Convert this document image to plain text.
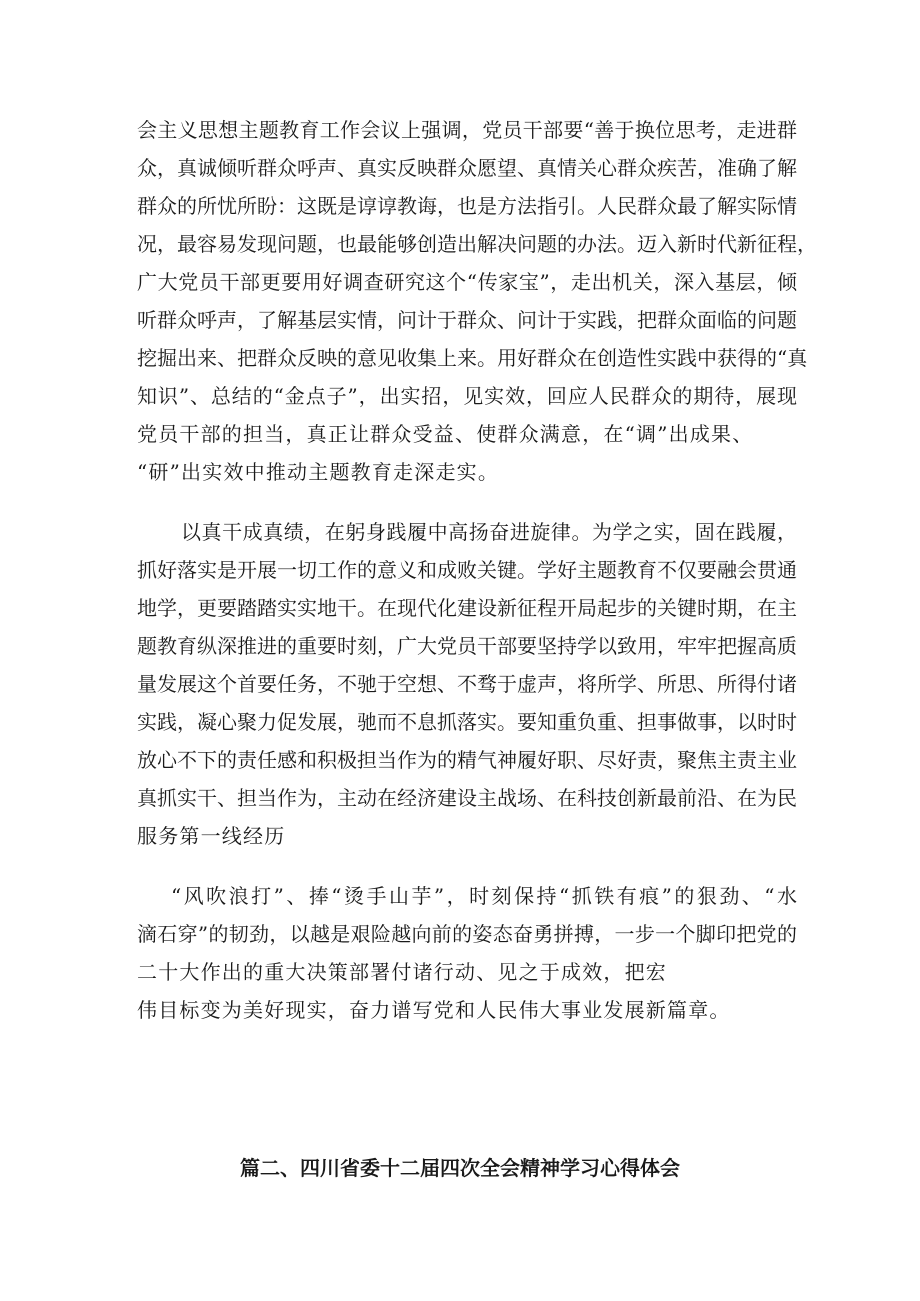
会主义思想主题教育工作会议上强调，党员干部要“善于换位思考，走进群
众，真诚倾听群众呼声、真实反映群众愿望、真情关心群众疾苦，准确了解
群众的所忧所盼：这既是谆谆教诲，也是方法指引。人民群众最了解实际情
况，最容易发现问题，也最能够创造出解决问题的办法。迈入新时代新征程，
广大党员干部更要用好调查研究这个“传家宝”，走出机关，深入基层，倾
听群众呼声，了解基层实情，问计于群众、问计于实践，把群众面临的问题
挖掘出来、把群众反映的意见收集上来。用好群众在创造性实践中获得的“真
知识”、总结的“金点子”，出实招，见实效，回应人民群众的期待，展现
党员干部的担当，真正让群众受益、使群众满意，在“调”出成果、
“研”出实效中推动主题教育走深走实。
以真干成真绩，在躬身践履中高扬奋进旋律。为学之实，固在践履，
抓好落实是开展一切工作的意义和成败关键。学好主题教育不仅要融会贯通
地学，更要踏踏实实地干。在现代化建设新征程开局起步的关键时期，在主
题教育纵深推进的重要时刻，广大党员干部要坚持学以致用，牢牢把握高质
量发展这个首要任务，不驰于空想、不骛于虚声，将所学、所思、所得付诸
实践，凝心聚力促发展，驰而不息抓落实。要知重负重、担事做事，以时时
放心不下的责任感和积极担当作为的精气神履好职、尽好责，聚焦主责主业
真抓实干、担当作为，主动在经济建设主战场、在科技创新最前沿、在为民
服务第一线经历
“风吹浪打”、捧“烫手山芋”，时刻保持“抓铁有痕”的狠劲、“水
滴石穿”的韧劲，以越是艰险越向前的姿态奋勇拼搏，一步一个脚印把党的
二十大作出的重大决策部署付诸行动、见之于成效，把宏
伟目标变为美好现实，奋力谱写党和人民伟大事业发展新篇章。
篇二、四川省委十二届四次全会精神学习心得体会
